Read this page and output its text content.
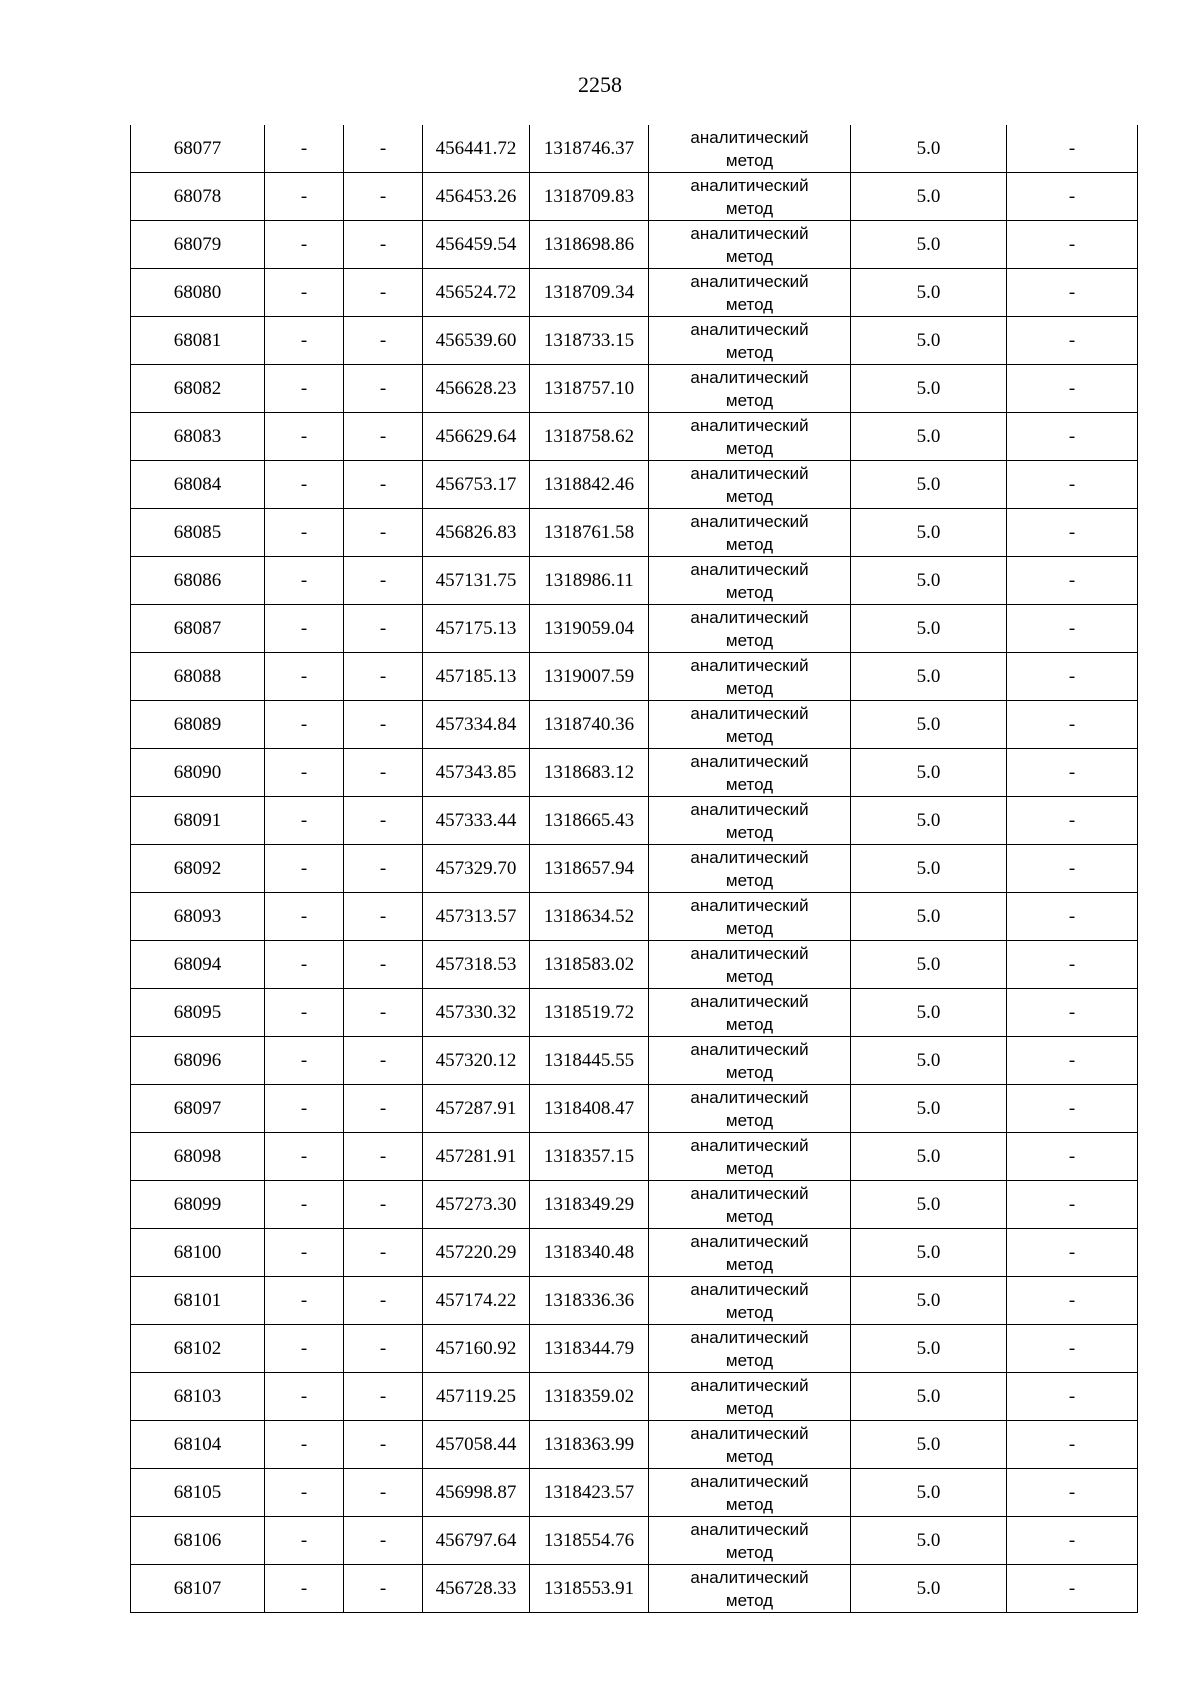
2258
68077	-	-	456441.72	1318746.37	аналитический
метод	5.0	-
68078	-	-	456453.26	1318709.83	аналитический
метод	5.0	-
68079	-	-	456459.54	1318698.86	аналитический
метод	5.0	-
68080	-	-	456524.72	1318709.34	аналитический
метод	5.0	-
68081	-	-	456539.60	1318733.15	аналитический
метод	5.0	-
68082	-	-	456628.23	1318757.10	аналитический
метод	5.0	-
68083	-	-	456629.64	1318758.62	аналитический
метод	5.0	-
68084	-	-	456753.17	1318842.46	аналитический
метод	5.0	-
68085	-	-	456826.83	1318761.58	аналитический
метод	5.0	-
68086	-	-	457131.75	1318986.11	аналитический
метод	5.0	-
68087	-	-	457175.13	1319059.04	аналитический
метод	5.0	-
68088	-	-	457185.13	1319007.59	аналитический
метод	5.0	-
68089	-	-	457334.84	1318740.36	аналитический
метод	5.0	-
68090	-	-	457343.85	1318683.12	аналитический
метод	5.0	-
68091	-	-	457333.44	1318665.43	аналитический
метод	5.0	-
68092	-	-	457329.70	1318657.94	аналитический
метод	5.0	-
68093	-	-	457313.57	1318634.52	аналитический
метод	5.0	-
68094	-	-	457318.53	1318583.02	аналитический
метод	5.0	-
68095	-	-	457330.32	1318519.72	аналитический
метод	5.0	-
68096	-	-	457320.12	1318445.55	аналитический
метод	5.0	-
68097	-	-	457287.91	1318408.47	аналитический
метод	5.0	-
68098	-	-	457281.91	1318357.15	аналитический
метод	5.0	-
68099	-	-	457273.30	1318349.29	аналитический
метод	5.0	-
68100	-	-	457220.29	1318340.48	аналитический
метод	5.0	-
68101	-	-	457174.22	1318336.36	аналитический
метод	5.0	-
68102	-	-	457160.92	1318344.79	аналитический
метод	5.0	-
68103	-	-	457119.25	1318359.02	аналитический
метод	5.0	-
68104	-	-	457058.44	1318363.99	аналитический
метод	5.0	-
68105	-	-	456998.87	1318423.57	аналитический
метод	5.0	-
68106	-	-	456797.64	1318554.76	аналитический
метод	5.0	-
68107	-	-	456728.33	1318553.91	аналитический
метод	5.0	-
